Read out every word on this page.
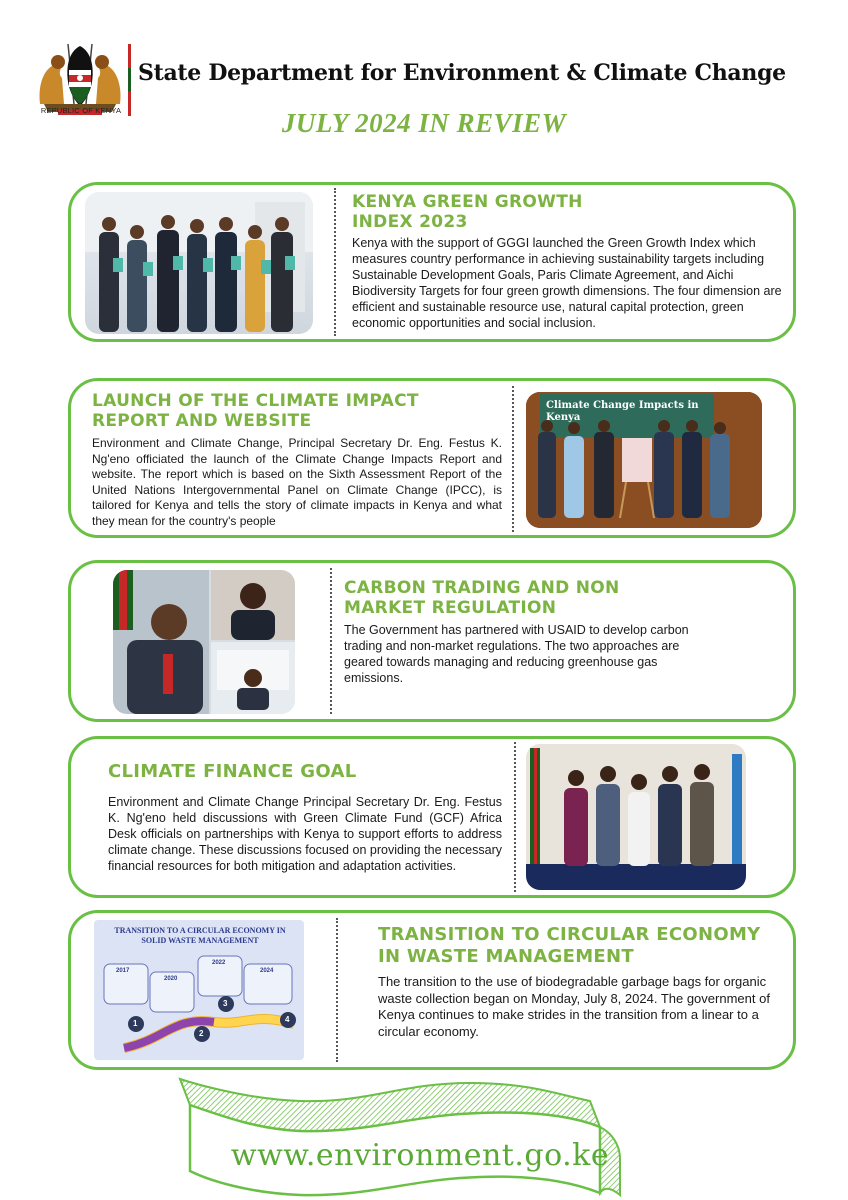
REPUBLIC OF KENYA
State Department for Environment & Climate Change
JULY 2024 IN REVIEW
KENYA GREEN GROWTH INDEX 2023
Kenya with the support of GGGI launched the Green Growth Index which measures country performance in achieving sustainability targets including Sustainable Development Goals, Paris Climate Agreement, and Aichi Biodiversity Targets for four green growth dimensions. The four dimension are efficient and sustainable resource use, natural capital protection, green economic opportunities and social inclusion.
LAUNCH OF THE CLIMATE IMPACT REPORT AND WEBSITE
Environment and Climate Change, Principal Secretary Dr. Eng. Festus K. Ng'eno officiated the launch of the Climate Change Impacts Report and website. The report which is based on the Sixth Assessment Report of the United Nations Intergovernmental Panel on Climate Change (IPCC), is tailored for Kenya and tells the story of climate impacts in Kenya and what they mean for the country's people
Climate Change Impacts in Kenya
CARBON TRADING AND NON MARKET REGULATION
The Government has partnered with USAID to develop carbon trading and non-market regulations. The two approaches are geared towards managing and reducing greenhouse gas emissions.
CLIMATE FINANCE GOAL
Environment and Climate Change Principal Secretary Dr. Eng. Festus K. Ng'eno held discussions with Green Climate Fund (GCF) Africa Desk officials on partnerships with Kenya to support efforts to address climate change. These discussions focused on providing the necessary financial resources for both mitigation and adaptation activities.
TRANSITION TO A CIRCULAR ECONOMY IN SOLID WASTE MANAGEMENT
2017
2020
2022
2024
1
2
3
4
TRANSITION TO CIRCULAR ECONOMY IN WASTE MANAGEMENT
The transition to the use of biodegradable garbage bags for organic waste collection began on Monday, July 8, 2024. The government of Kenya continues to make strides in the transition from a linear to a circular economy.
www.environment.go.ke
